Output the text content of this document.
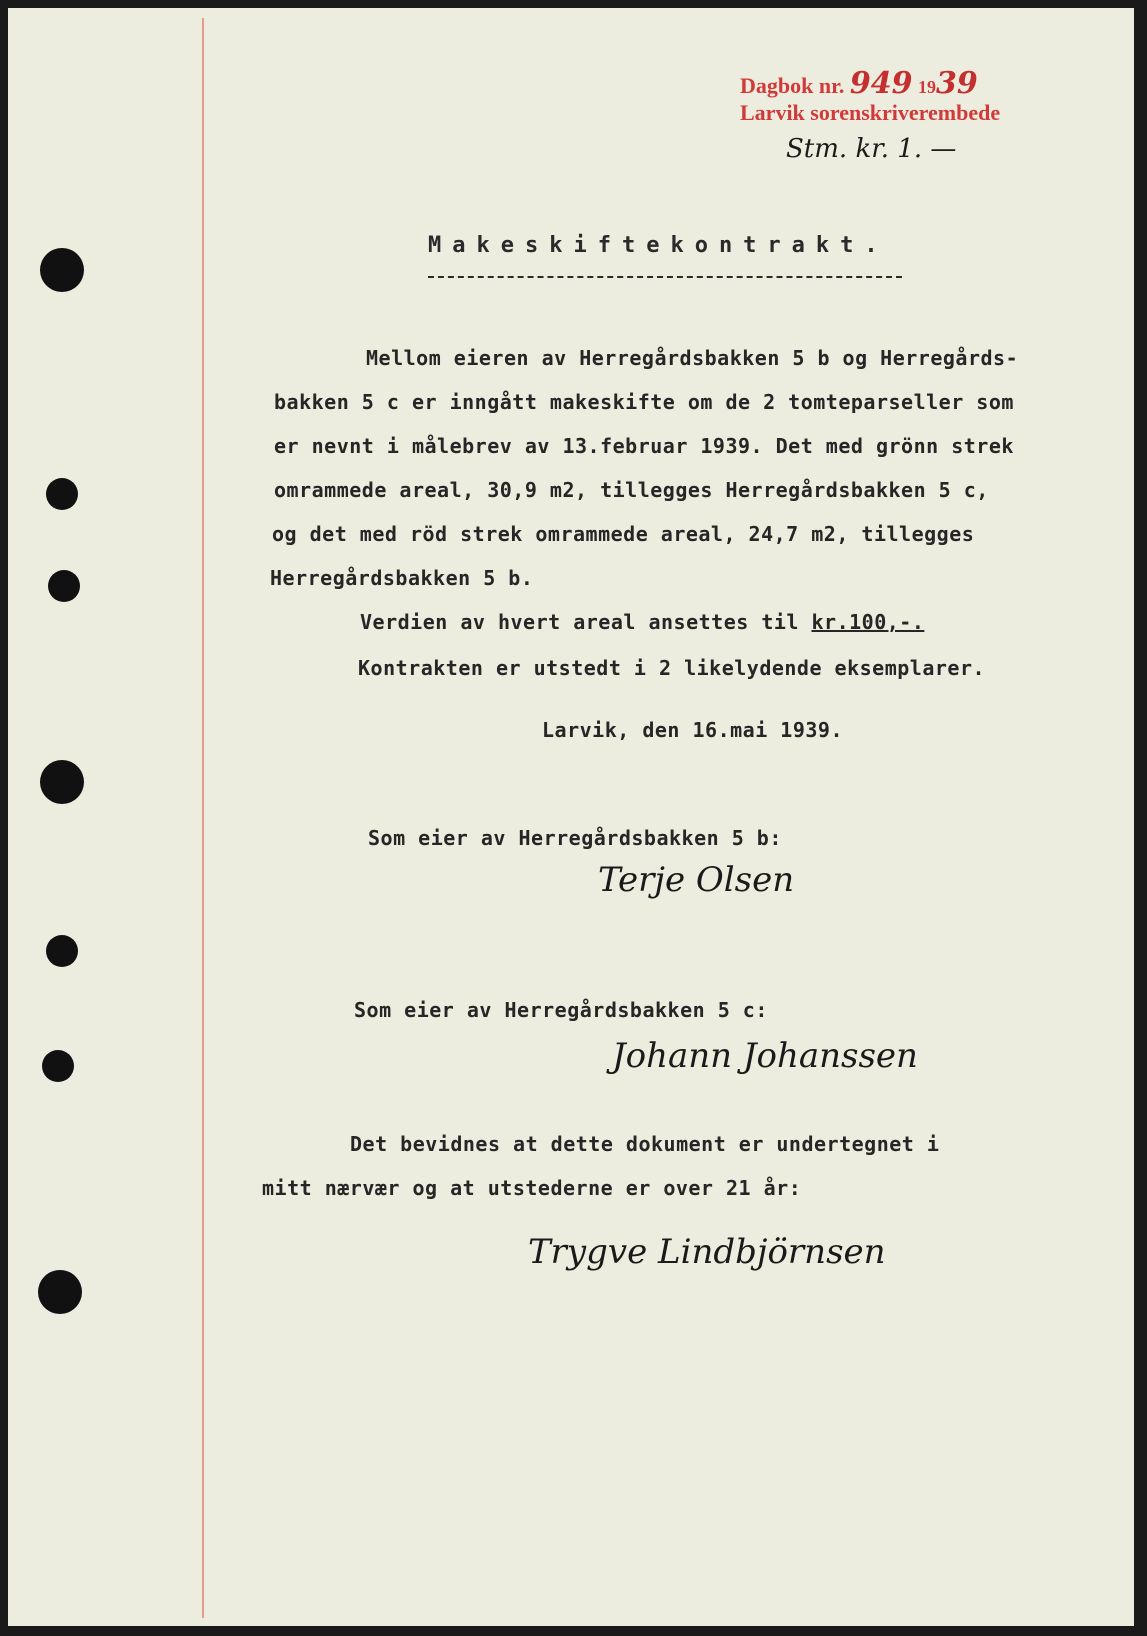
Dagbok nr. 949 1939
Larvik sorenskriverembede
Stm. kr. 1. —
Makeskiftekontrakt.
Mellom eieren av Herregårdsbakken 5 b og Herregårds-
bakken 5 c er inngått makeskifte om de 2 tomteparseller som
er nevnt i målebrev av 13.februar 1939. Det med grönn strek
omrammede areal, 30,9 m2, tillegges Herregårdsbakken 5 c,
og det med röd strek omrammede areal, 24,7 m2, tillegges
Herregårdsbakken 5 b.
Verdien av hvert areal ansettes til kr.100,-.
Kontrakten er utstedt i 2 likelydende eksemplarer.
Larvik, den 16.mai 1939.
Som eier av Herregårdsbakken 5 b:
Terje Olsen
Som eier av Herregårdsbakken 5 c:
Johann Johanssen
Det bevidnes at dette dokument er undertegnet i
mitt nærvær og at utstederne er over 21 år:
Trygve Lindbjörnsen
